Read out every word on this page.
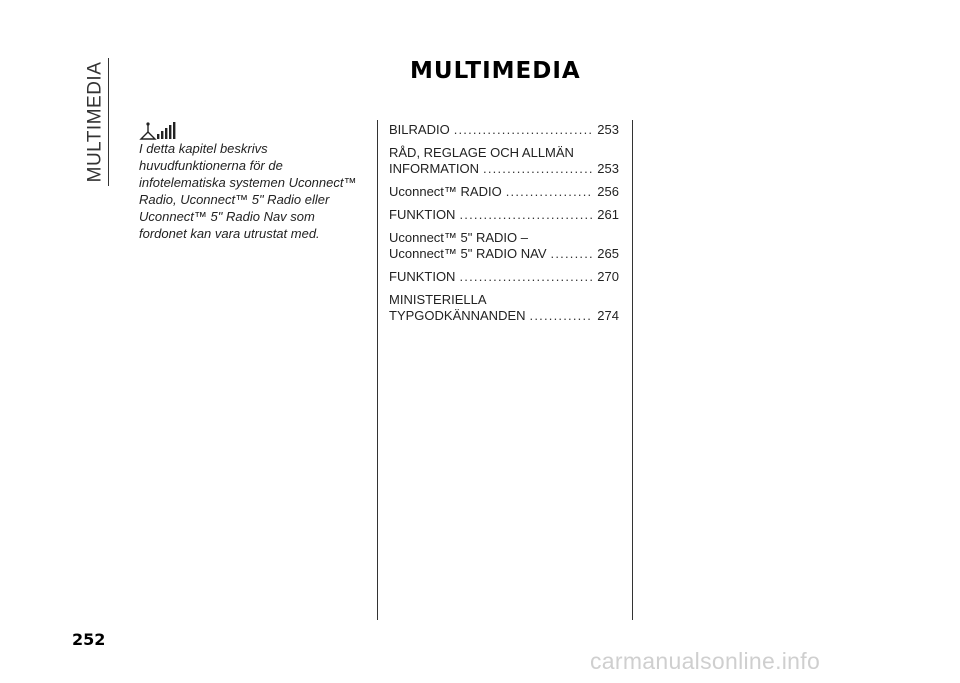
MULTIMEDIA	MULTIMEDIA
I detta kapitel beskrivs
huvudfunktionerna för de
infotelematiska systemen Uconnect™
Radio, Uconnect™ 5" Radio eller
Uconnect™ 5" Radio Nav som
fordonet kan vara utrustat med.
BILRADIO .....	253
RÅD, REGLAGE OCH ALLMÄN
INFORMATION .....	253
Uconnect™ RADIO .....	256
FUNKTION .....	261
Uconnect™ 5" RADIO –
Uconnect™ 5" RADIO NAV .....	265
FUNKTION .....	270
MINISTERIELLA
TYPGODKÄNNANDEN .....	274
252
carmanualsonline.info
